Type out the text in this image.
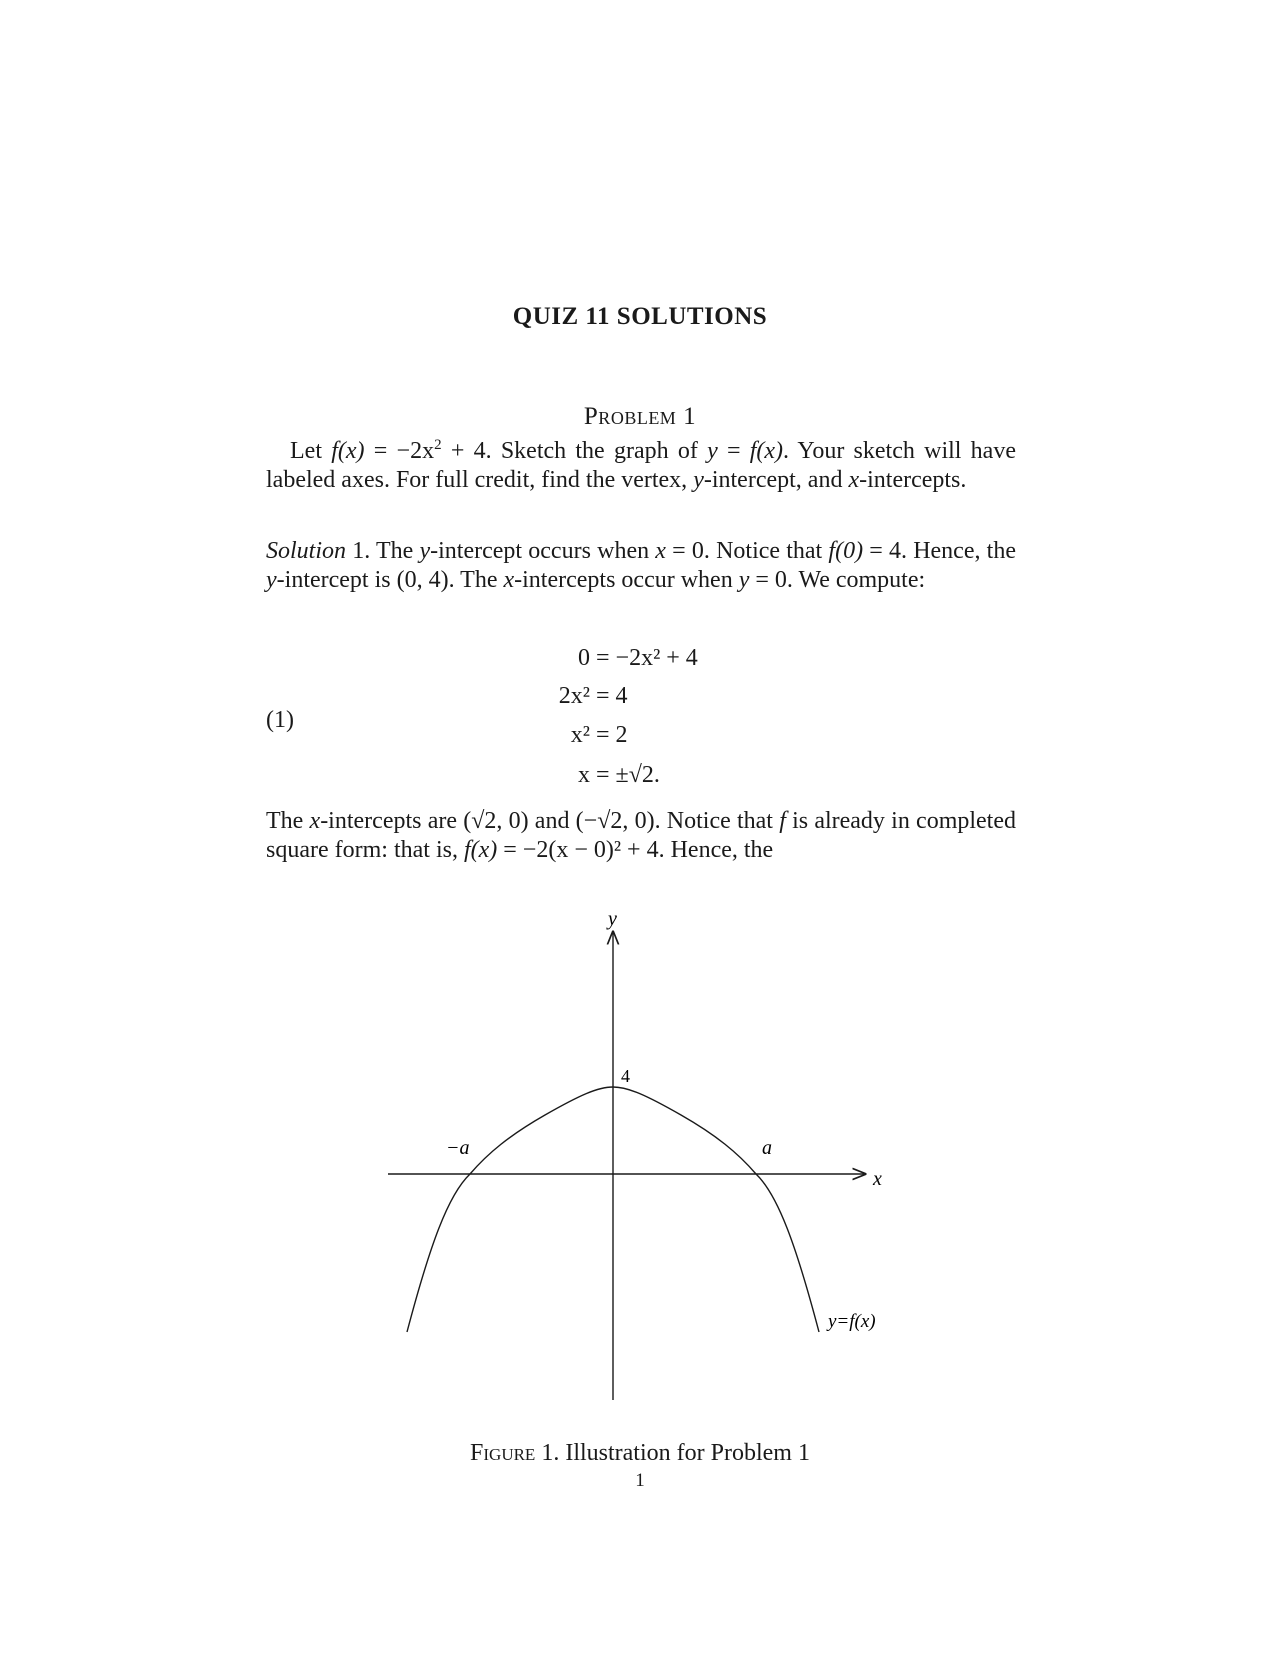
QUIZ 11 SOLUTIONS
Problem 1
Let $f(x) = -2x^2 + 4$. Sketch the graph of y = f(x). Your sketch will have labeled axes. For full credit, find the vertex, y-intercept, and x-intercepts.
Solution 1. The y-intercept occurs when x = 0. Notice that f(0) = 4. Hence, the y-intercept is (0, 4). The x-intercepts occur when y = 0. We compute:
(1)
0 = −2x² + 4
2x² = 4
x² = 2
x = ±√2.
The x-intercepts are (√2, 0) and (−√2, 0). Notice that f is already in completed square form: that is, f(x) = −2(x − 0)² + 4. Hence, the
y
x
4
−a	a
y=f(x)
Figure 1. Illustration for Problem 1
1
